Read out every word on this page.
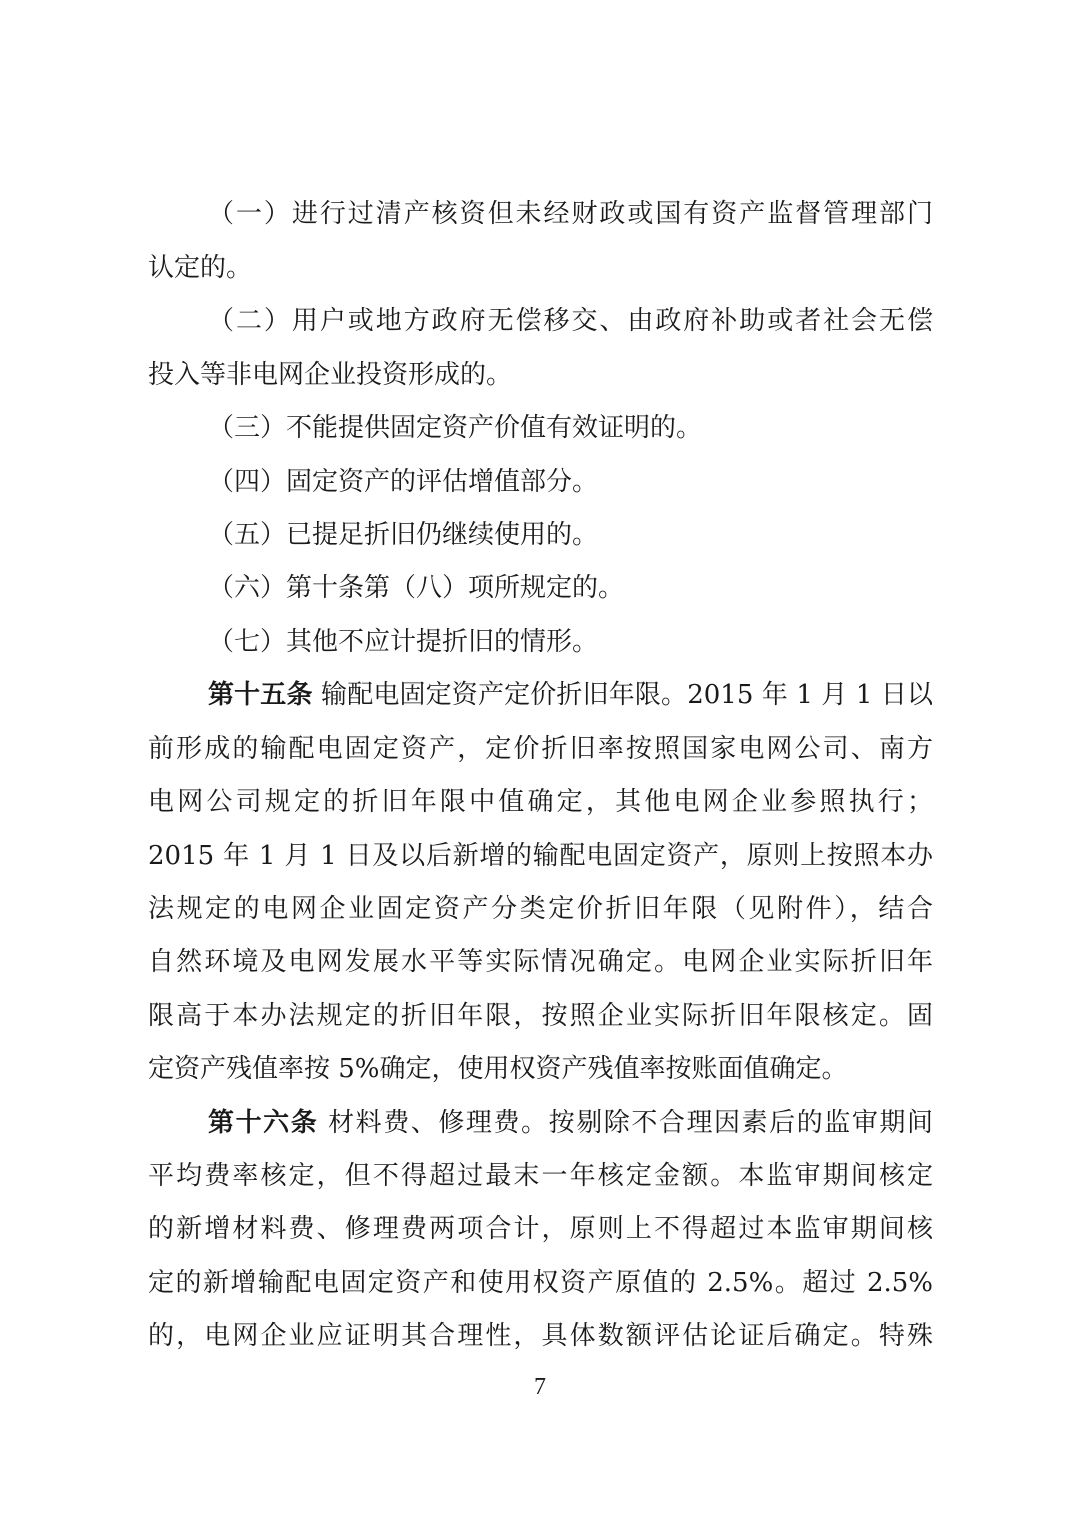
（一）进行过清产核资但未经财政或国有资产监督管理部门
认定的。
（二）用户或地方政府无偿移交、由政府补助或者社会无偿
投入等非电网企业投资形成的。
（三）不能提供固定资产价值有效证明的。
（四）固定资产的评估增值部分。
（五）已提足折旧仍继续使用的。
（六）第十条第（八）项所规定的。
（七）其他不应计提折旧的情形。
第十五条 输配电固定资产定价折旧年限。2015 年 1 月 1 日以
前形成的输配电固定资产，定价折旧率按照国家电网公司、南方
电网公司规定的折旧年限中值确定，其他电网企业参照执行；
2015 年 1 月 1 日及以后新增的输配电固定资产，原则上按照本办
法规定的电网企业固定资产分类定价折旧年限（见附件），结合
自然环境及电网发展水平等实际情况确定。电网企业实际折旧年
限高于本办法规定的折旧年限，按照企业实际折旧年限核定。固
定资产残值率按 5%确定，使用权资产残值率按账面值确定。
第十六条 材料费、修理费。按剔除不合理因素后的监审期间
平均费率核定，但不得超过最末一年核定金额。本监审期间核定
的新增材料费、修理费两项合计，原则上不得超过本监审期间核
定的新增输配电固定资产和使用权资产原值的 2.5%。超过 2.5%
的，电网企业应证明其合理性，具体数额评估论证后确定。特殊
7
